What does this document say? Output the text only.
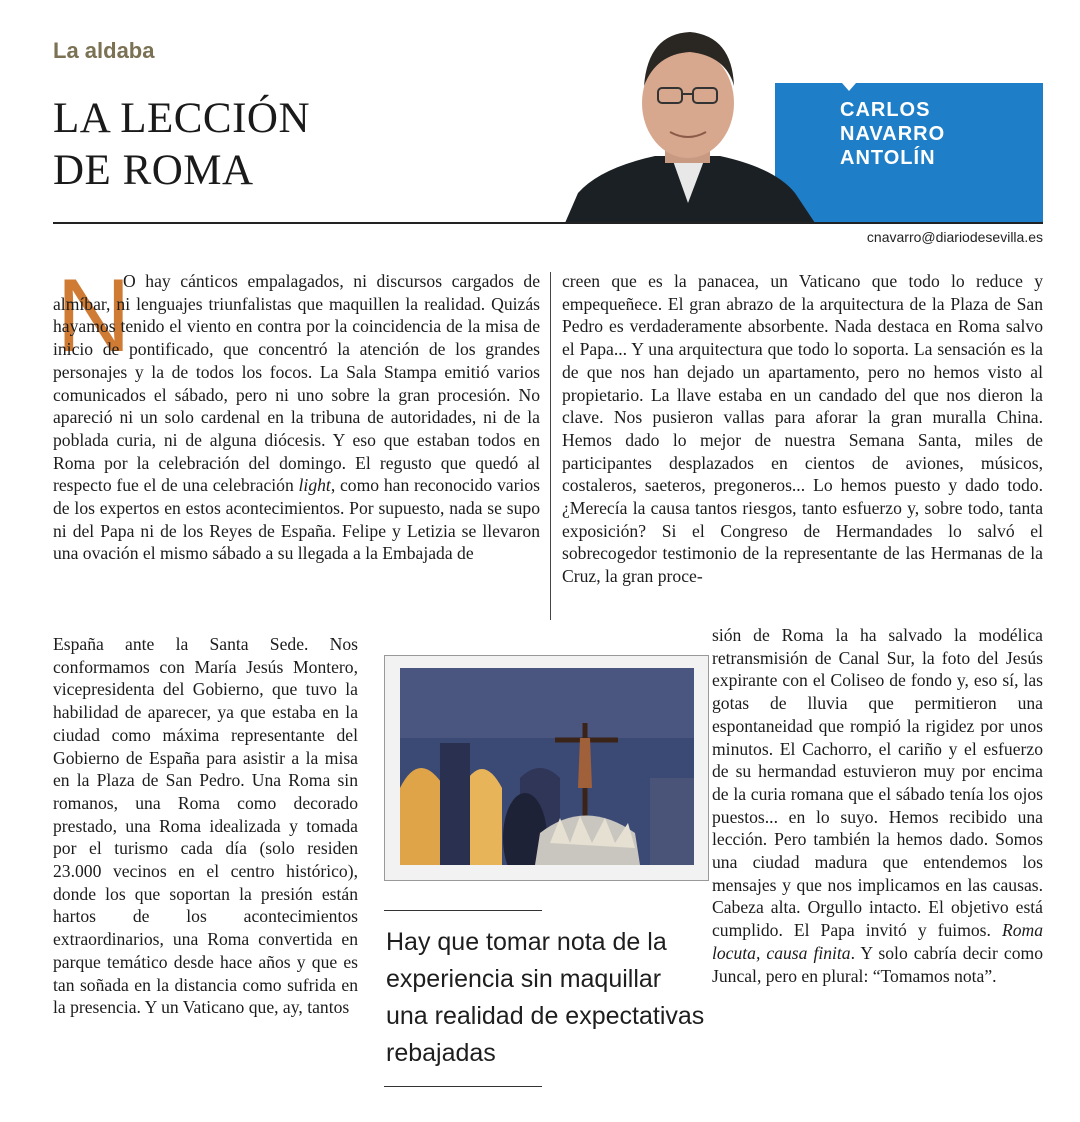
La aldaba
LA LECCIÓN
DE ROMA
CARLOS
NAVARRO
ANTOLÍN
cnavarro@diariodesevilla.es
N

O hay cánticos empalagados, ni discursos cargados de almíbar, ni lenguajes triunfalistas que maquillen la realidad. Quizás hayamos tenido el viento en contra por la coincidencia de la misa de inicio de pontificado, que concentró la atención de los grandes personajes y la de todos los focos. La Sala Stampa emitió varios comunicados el sábado, pero ni uno sobre la gran procesión. No apareció ni un solo cardenal en la tribuna de autoridades, ni de la poblada curia, ni de alguna diócesis. Y eso que estaban todos en Roma por la celebración del domingo. El regusto que quedó al respecto fue el de una celebración light, como han reconocido varios de los expertos en estos acontecimientos. Por supuesto, nada se supo ni del Papa ni de los Reyes de España. Felipe y Letizia se llevaron una ovación el mismo sábado a su llegada a la Embajada de

España ante la Santa Sede. Nos conformamos con María Jesús Montero, vicepresidenta del Gobierno, que tuvo la habilidad de aparecer, ya que estaba en la ciudad como máxima representante del Gobierno de España para asistir a la misa en la Plaza de San Pedro. Una Roma sin romanos, una Roma como decorado prestado, una Roma idealizada y tomada por el turismo cada día (solo residen 23.000 vecinos en el centro histórico), donde los que soportan la presión están hartos de los acontecimientos extraordinarios, una Roma convertida en parque temático desde hace años y que es tan soñada en la distancia como sufrida en la presencia. Y un Vaticano que, ay, tantos

creen que es la panacea, un Vaticano que todo lo reduce y empequeñece. El gran abrazo de la arquitectura de la Plaza de San Pedro es verdaderamente absorbente. Nada destaca en Roma salvo el Papa... Y una arquitectura que todo lo soporta. La sensación es la de que nos han dejado un apartamento, pero no hemos visto al propietario. La llave estaba en un candado del que nos dieron la clave. Nos pusieron vallas para aforar la gran muralla China. Hemos dado lo mejor de nuestra Semana Santa, miles de participantes desplazados en cientos de aviones, músicos, costaleros, saeteros, pregoneros... Lo hemos puesto y dado todo. ¿Merecía la causa tantos riesgos, tanto esfuerzo y, sobre todo, tanta exposición? Si el Congreso de Hermandades lo salvó el sobrecogedor testimonio de la representante de las Hermanas de la Cruz, la gran proce-

sión de Roma la ha salvado la modélica retransmisión de Canal Sur, la foto del Jesús expirante con el Coliseo de fondo y, eso sí, las gotas de lluvia que permitieron una espontaneidad que rompió la rigidez por unos minutos. El Cachorro, el cariño y el esfuerzo de su hermandad estuvieron muy por encima de la curia romana que el sábado tenía los ojos puestos... en lo suyo. Hemos recibido una lección. Pero también la hemos dado. Somos una ciudad madura que entendemos los mensajes y que nos implicamos en las causas. Cabeza alta. Orgullo intacto. El objetivo está cumplido. El Papa invitó y fuimos. Roma locuta, causa finita. Y solo cabría decir como Juncal, pero en plural: “Tomamos nota”.

Hay que tomar nota de la experiencia sin maquillar una realidad de expectativas rebajadas
